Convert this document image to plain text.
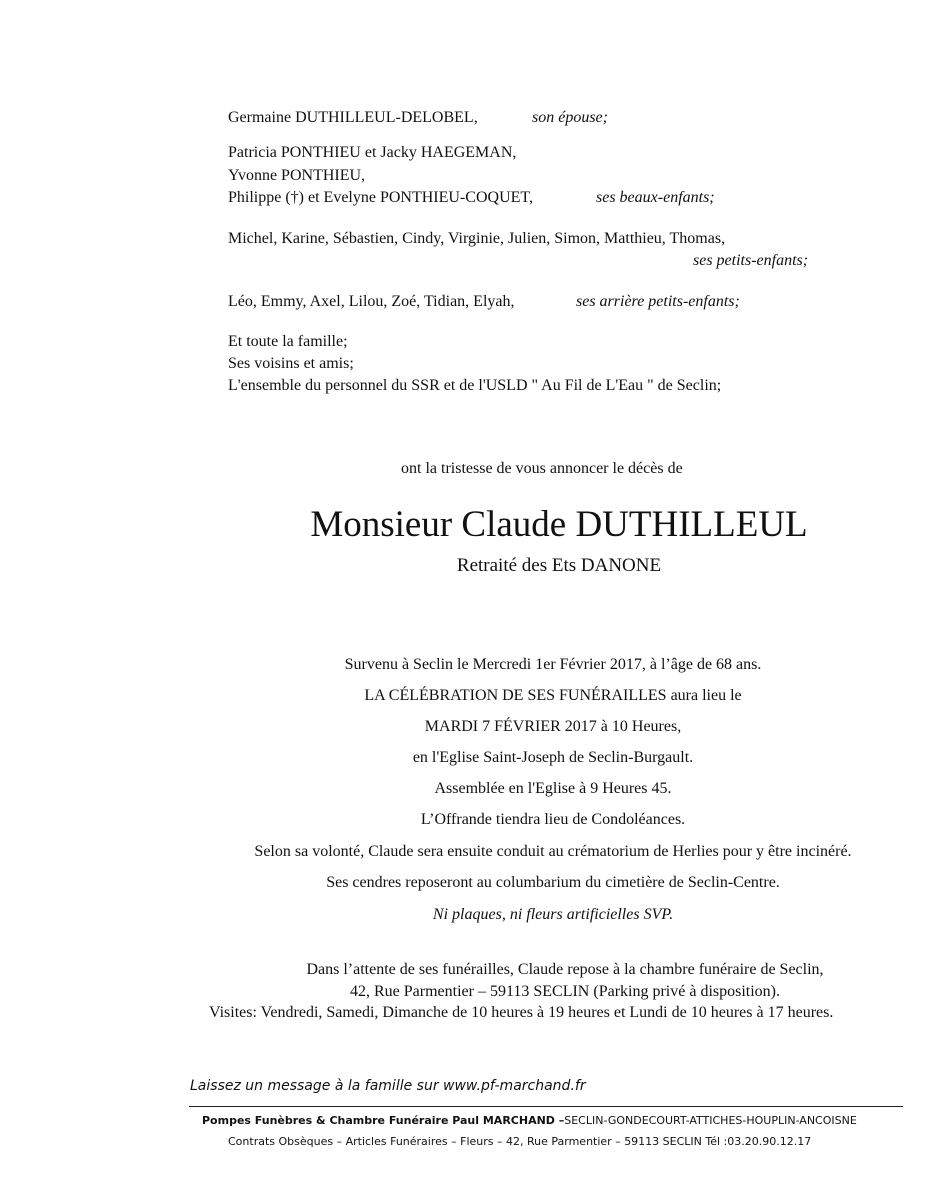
Germaine DUTHILLEUL-DELOBEL,	son épouse;
Patricia PONTHIEU et Jacky HAEGEMAN,
Yvonne PONTHIEU,
Philippe (†) et Evelyne PONTHIEU-COQUET,	ses beaux-enfants;
Michel, Karine, Sébastien, Cindy, Virginie, Julien, Simon, Matthieu, Thomas,
ses petits-enfants;
Léo, Emmy, Axel, Lilou, Zoé, Tidian, Elyah,	ses arrière petits-enfants;
Et toute la famille;
Ses voisins et amis;
L'ensemble du personnel du SSR et de l'USLD " Au Fil de L'Eau " de Seclin;
ont la tristesse de vous annoncer le décès de
Monsieur Claude DUTHILLEUL
Retraité des Ets DANONE
Survenu à Seclin le Mercredi 1er Février 2017, à l’âge de 68 ans.
LA CÉLÉBRATION DE SES FUNÉRAILLES aura lieu le
MARDI 7 FÉVRIER 2017 à 10 Heures,
en l'Eglise Saint-Joseph de Seclin-Burgault.
Assemblée en l'Eglise à 9 Heures 45.
L’Offrande tiendra lieu de Condoléances.
Selon sa volonté, Claude sera ensuite conduit au crématorium de Herlies pour y être incinéré.
Ses cendres reposeront au columbarium du cimetière de Seclin-Centre.
Ni plaques, ni fleurs artificielles SVP.
Dans l’attente de ses funérailles, Claude repose à la chambre funéraire de Seclin,
42, Rue Parmentier – 59113 SECLIN (Parking privé à disposition).
Visites: Vendredi, Samedi, Dimanche de 10 heures à 19 heures et Lundi de 10 heures à 17 heures.
Laissez un message à la famille sur www.pf-marchand.fr
Pompes Funèbres & Chambre Funéraire Paul MARCHAND –SECLIN-GONDECOURT-ATTICHES-HOUPLIN-ANCOISNE
Contrats Obsèques – Articles Funéraires – Fleurs – 42, Rue Parmentier – 59113 SECLIN Tél :03.20.90.12.17
